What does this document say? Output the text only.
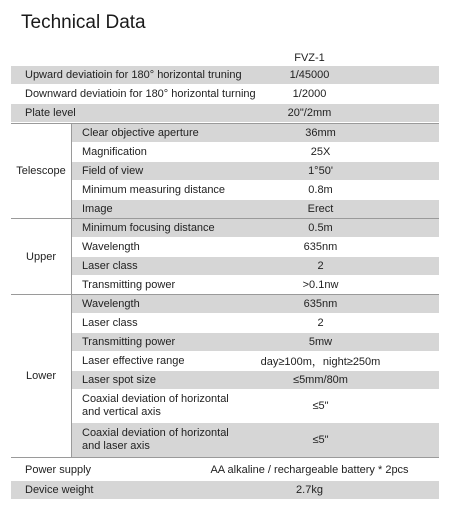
Technical Data
FVZ-1
Upward deviatioin for 180° horizontal truning	1/45000
Downward deviatioin for 180° horizontal turning	1/2000
Plate level	20"/2mm
Telescope
Clear objective aperture	36mm
Magnification	25X
Field of view	1°50'
Minimum measuring distance	0.8m
Image	Erect
Upper
Minimum focusing distance	0.5m
Wavelength	635nm
Laser class	2
Transmitting power	>0.1nw
Lower
Wavelength	635nm
Laser class	2
Transmitting power	5mw
Laser effective range	day≥100m，night≥250m
Laser spot size	≤5mm/80m
Coaxial deviation of horizontal
and vertical axis	≤5"
Coaxial deviation of horizontal
and laser axis	≤5"
Power supply	AA alkaline / rechargeable battery * 2pcs
Device weight	2.7kg
